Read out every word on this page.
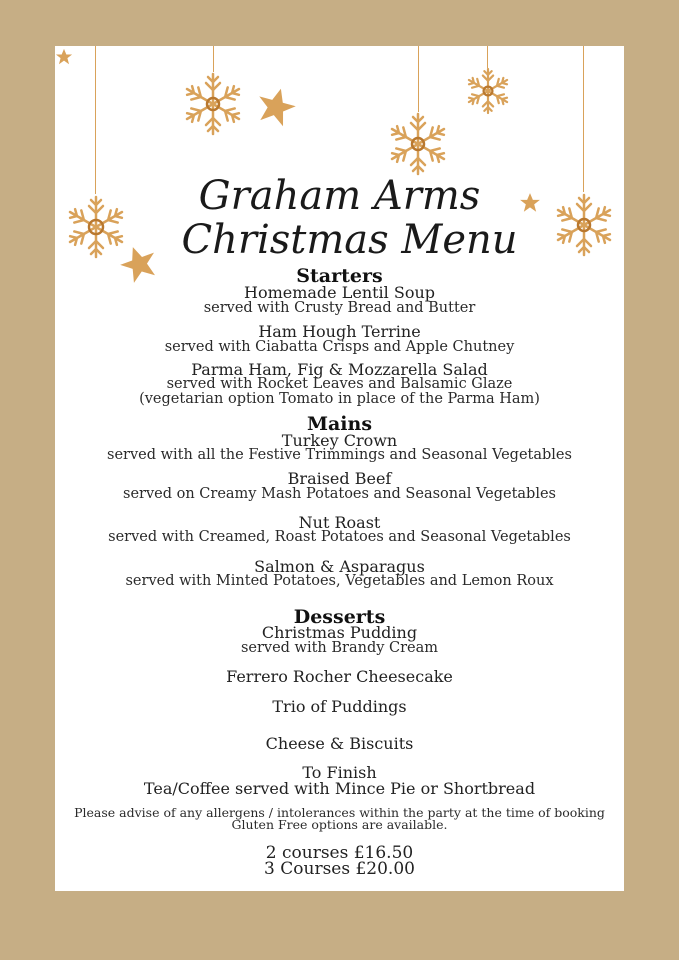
Graham Arms
Christmas Menu
Starters
Homemade Lentil Soup
served with Crusty Bread and Butter
Ham Hough Terrine
served with Ciabatta Crisps and Apple Chutney
Parma Ham, Fig & Mozzarella Salad
served with Rocket Leaves and Balsamic Glaze
(vegetarian option Tomato in place of the Parma Ham)
Mains
Turkey Crown
served with all the Festive Trimmings and Seasonal Vegetables
Braised Beef
served on Creamy Mash Potatoes and Seasonal Vegetables
Nut Roast
served with Creamed, Roast Potatoes and Seasonal Vegetables
Salmon & Asparagus
served with Minted Potatoes, Vegetables and Lemon Roux
Desserts
Christmas Pudding
served with Brandy Cream
Ferrero Rocher Cheesecake
Trio of Puddings
Cheese & Biscuits
To Finish
Tea/Coffee served with Mince Pie or Shortbread
Please advise of any allergens / intolerances within the party at the time of booking
Gluten Free options are available.
2 courses £16.50
3 Courses £20.00
